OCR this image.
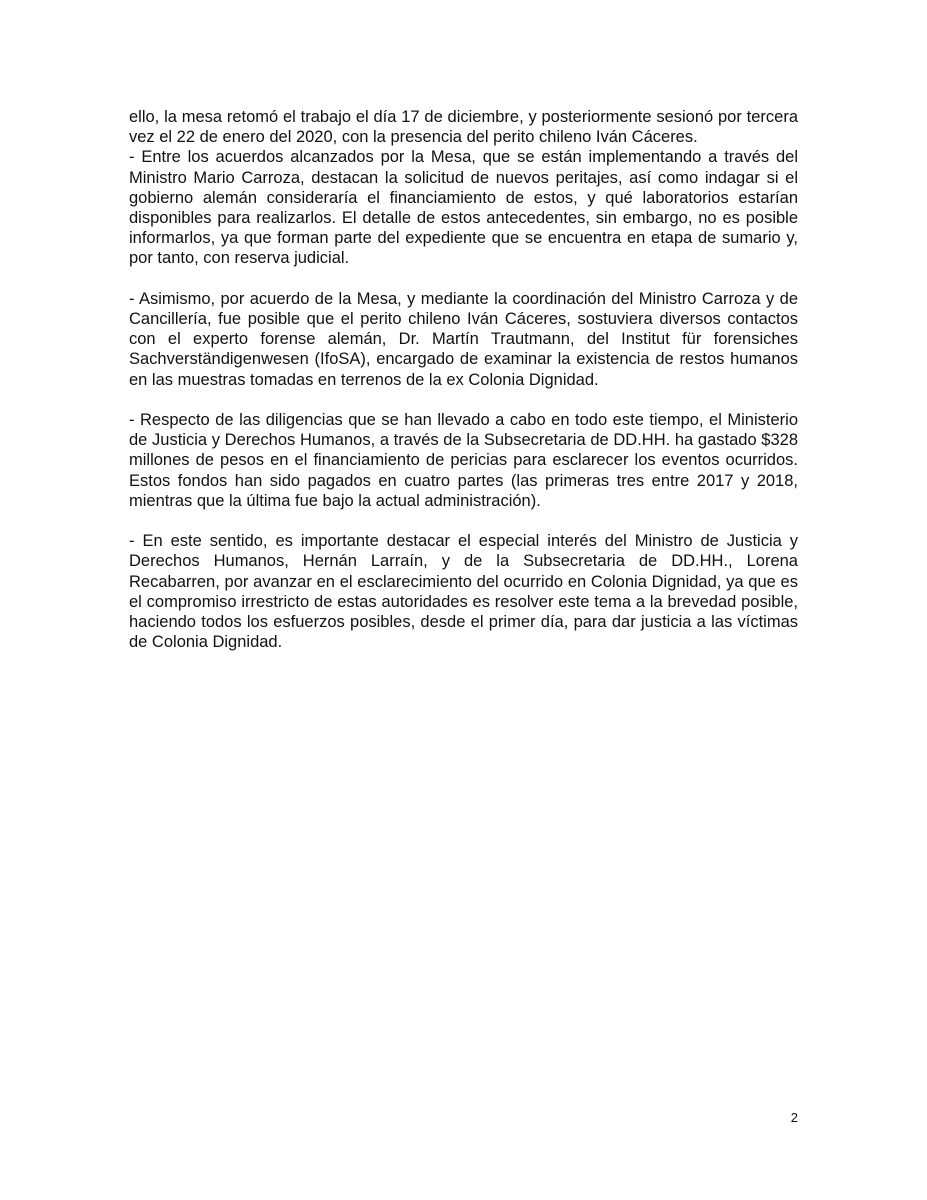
ello, la mesa retomó el trabajo el día 17 de diciembre, y posteriormente sesionó por tercera vez el 22 de enero del 2020, con la presencia del perito chileno Iván Cáceres.

- Entre los acuerdos alcanzados por la Mesa, que se están implementando a través del Ministro Mario Carroza, destacan la solicitud de nuevos peritajes, así como indagar si el gobierno alemán consideraría el financiamiento de estos, y qué laboratorios estarían disponibles para realizarlos. El detalle de estos antecedentes, sin embargo, no es posible informarlos, ya que forman parte del expediente que se encuentra en etapa de sumario y, por tanto, con reserva judicial.

- Asimismo, por acuerdo de la Mesa, y mediante la coordinación del Ministro Carroza y de Cancillería, fue posible que el perito chileno Iván Cáceres, sostuviera diversos contactos con el experto forense alemán, Dr. Martín Trautmann, del Institut für forensiches Sachverständigenwesen (IfoSA), encargado de examinar la existencia de restos humanos en las muestras tomadas en terrenos de la ex Colonia Dignidad.

- Respecto de las diligencias que se han llevado a cabo en todo este tiempo, el Ministerio de Justicia y Derechos Humanos, a través de la Subsecretaria de DD.HH. ha gastado $328 millones de pesos en el financiamiento de pericias para esclarecer los eventos ocurridos. Estos fondos han sido pagados en cuatro partes (las primeras tres entre 2017 y 2018, mientras que la última fue bajo la actual administración).

- En este sentido, es importante destacar el especial interés del Ministro de Justicia y Derechos Humanos, Hernán Larraín, y de la Subsecretaria de DD.HH., Lorena Recabarren, por avanzar en el esclarecimiento del ocurrido en Colonia Dignidad, ya que es el compromiso irrestricto de estas autoridades es resolver este tema a la brevedad posible, haciendo todos los esfuerzos posibles, desde el primer día, para dar justicia a las víctimas de Colonia Dignidad.

2
